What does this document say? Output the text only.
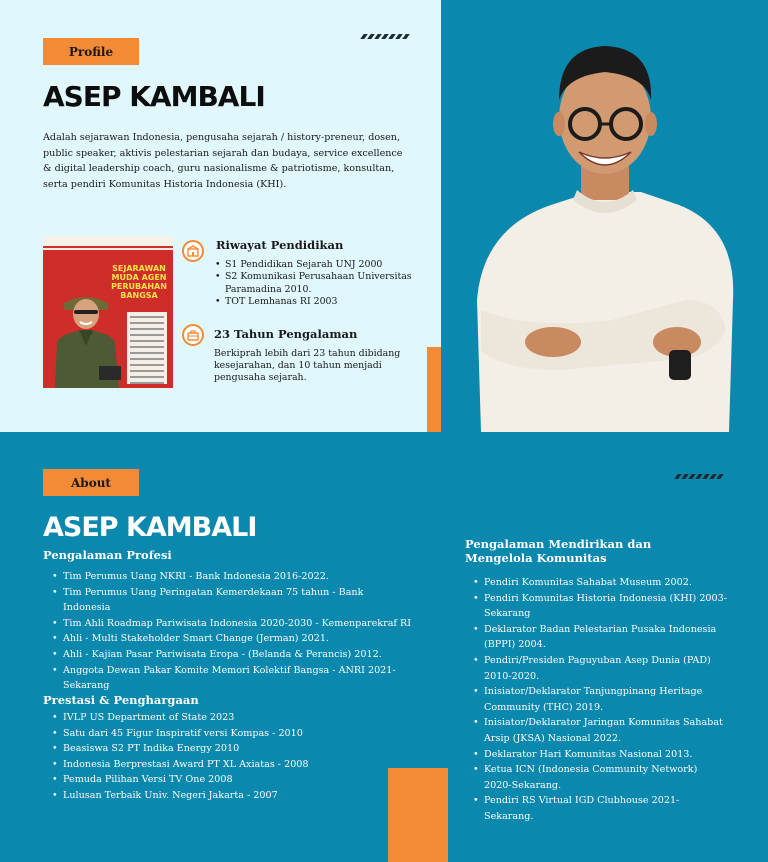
Profile
ASEP KAMBALI

Adalah sejarawan Indonesia, pengusaha sejarah / history-preneur, dosen, public speaker, aktivis pelestarian sejarah dan budaya, service excellence & digital leadership coach, guru nasionalisme & patriotisme, konsultan, serta pendiri Komunitas Historia Indonesia (KHI).

SEJARAWAN MUDA AGEN PERUBAHAN BANGSA
Riwayat Pendidikan
• S1 Pendidikan Sejarah UNJ 2000
• S2 Komunikasi Perusahaan Universitas Paramadina 2010.
• TOT Lemhanas RI 2003
23 Tahun Pengalaman

Berkiprah lebih dari 23 tahun dibidang kesejarahan, dan 10 tahun menjadi pengusaha sejarah.

About
ASEP KAMBALI
Pengalaman Profesi
• Tim Perumus Uang NKRI - Bank Indonesia 2016-2022.
• Tim Perumus Uang Peringatan Kemerdekaan 75 tahun - Bank Indonesia
• Tim Ahli Roadmap Pariwisata Indonesia 2020-2030 - Kemenparekraf RI
• Ahli - Multi Stakeholder Smart Change (Jerman) 2021.
• Ahli - Kajian Pasar Pariwisata Eropa - (Belanda & Perancis) 2012.
• Anggota Dewan Pakar Komite Memori Kolektif Bangsa - ANRI 2021-Sekarang
Prestasi & Penghargaan
• IVLP US Department of State 2023
• Satu dari 45 Figur Inspiratif versi Kompas - 2010
• Beasiswa S2 PT Indika Energy 2010
• Indonesia Berprestasi Award PT XL Axiatas - 2008
• Pemuda Pilihan Versi TV One 2008
• Lulusan Terbaik Univ. Negeri Jakarta - 2007
Pengalaman Mendirikan dan Mengelola Komunitas
• Pendiri Komunitas Sahabat Museum 2002.
• Pendiri Komunitas Historia Indonesia (KHI) 2003-Sekarang
• Deklarator Badan Pelestarian Pusaka Indonesia (BPPI) 2004.
• Pendiri/Presiden Paguyuban Asep Dunia (PAD) 2010-2020.
• Inisiator/Deklarator Tanjungpinang Heritage Community (THC) 2019.
• Inisiator/Deklarator Jaringan Komunitas Sahabat Arsip (JKSA) Nasional 2022.
• Deklarator Hari Komunitas Nasional 2013.
• Ketua ICN (Indonesia Community Network) 2020-Sekarang.
• Pendiri RS Virtual IGD Clubhouse 2021-Sekarang.
